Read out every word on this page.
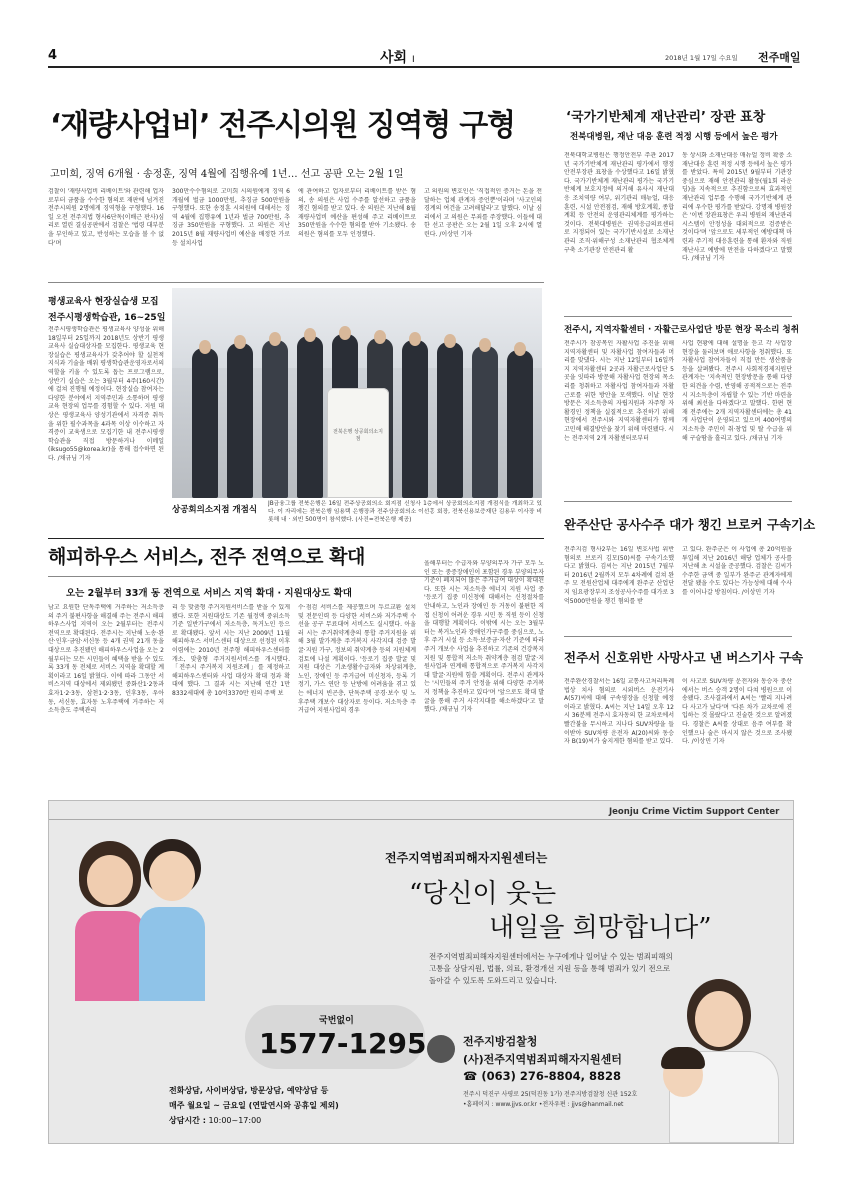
4	사회 I	2018년 1월 17일 수요일 전주매일
‘재량사업비’ 전주시의원 징역형 구형
고미희, 징역 6개월 · 송정훈, 징역 4월에 집행유예 1년… 선고 공판 오는 2월 1일

검찰이 '재량사업비 리베이트'와 관련해 업자로부터 금품을 수수한 혐의로 재판에 넘겨진 전주시의원 2명에게 징역형을 구형했다. 16일 오전 전주지법 형사6단독(이배근 판사)심리로 열린 결심공판에서 검찰은 '법령 대부분을 부인하고 있고, 반성하는 모습을 볼 수 없다'며

300만수수혐의로 고미희 시의원에게 징역 6개월에 벌금 1000만원, 추징금 500만원을 구형했다. 또한 송정훈 시의원에 대해서는 징역 4월에 집행유예 1년과 벌금 700만원, 추징금 350만원을 구형했다. 고 의원은 지난 2015년 8월 재량사업비 예산을 배정한 가로등 설치사업

에 관여하고 업자로부터 리베이트를 받은 혐의, 송 의원은 사업 수주를 알선하고 금품을 챙긴 혐의를 받고 있다. 송 의원은 지난해 8월 재량사업비 예산을 편성해 주고 리베이트로 350만원을 수수한 혐의를 받아 기소됐다. 송 의원은 혐의를 모두 인정했다.

고 의원의 변호인은 '직접적인 증거는 돈을 전달하는 업체 관계자 증언뿐'이라며 '사고인의 경계의 여건을 고려해달라'고 말했다. 이날 심리에서 고 의원은 무죄를 주장했다. 이들에 대한 선고 공판은 오는 2월 1일 오후 2시에 열린다. /이상민 기자

평생교육사 현장실습생 모집
전주시평생학습관, 16~25일

전주시평생학습관은 평생교육사 양성을 위해 18일부터 25일까지 2018년도 상반기 평생교육사 실습대상자를 모집한다. 평생교육 현장실습은 평생교육사가 갖추어야 할 실천적 지식과 기술을 배워 평생학습관운영자로서의 역할을 키울 수 있도록 돕는 프로그램으로, 상반기 실습은 오는 3월부터 4주(160시간)에 걸쳐 진행될 예정이다. 현장실습 참여자는 다양한 분야에서 지역주민과 소통하며 평생교육 현장의 업무를 경험할 수 있다. 지원 대상은 평생교육사 양성기관에서 자격증 취득을 위한 필수과목을 4과목 이상 이수하고 자격증이 교육생으로 모집기한 내 전주시평생학습관을 직접 방문하거나 이메일(iksugo55@korea.kr)을 통해 접수하면 된다. /채규님 기자

전북은행 상공회의소지점
상공회의소지점 개점식

JB금융그룹 전북은행은 16일 전주상공회의소 회지점 신청사 1층에서 상공회의소지점 개점식을 개최하고 있다. 이 자리에는 전북은행 임용택 은행장과 전주상공회의소 이선홍 회장, 전북신용보증재단 김용무 이사장 비롯해 내 · 외빈 500명이 참석했다. (사진=전북은행 제공)

해피하우스 서비스, 전주 전역으로 확대
오는 2월부터 33개 동 전역으로 서비스 지역 확대 · 지원대상도 확대

남고 요원한 단독주택에 거주하는 저소득층의 주거 불편사항을 해결해 주는 전주시 해피하우스사업 지역이 오는 2월부터는 전주시 전역으로 확대된다. 전주시는 지난해 노송·완산·인후·금암·서신동 등 4개 권역 21개 동을 대상으로 추진됐던 해피하우스사업을 오는 2월부터는 모든 시민들이 혜택을 받을 수 있도록 33개 동 전체로 서비스 지역을 확대할 계획이라고 16일 밝혔다. 이에 따라 그동안 서비스지역 대상에서 제외됐던 중화산1·2동과 효자1·2·3동, 삼천1·2·3동, 인후3동, 우아동, 서신동, 효자동 노후주택에 거주하는 저소득층도 주택관리

리 등 맞춤형 주거지원서비스를 받을 수 있게 됐다. 또한 지원대상도 기존 월정액 중위소득 기준 일반가구에서 저소득층, 독거노인 등으로 확대됐다. 앞서 시는 지난 2009년 11월 해피하우스 서비스센터 대상으로 선정된 이후 이렴에는 2010년 전주형 해피하우스센터를 개소, 맞춤형 주거지원서비스를 개시했다. 「전주시 주거복지 지원조례」를 제정하고 해피하우스센터와 사업 대상자 확대 정과 확대에 했다. 그 결과 시는 지난해 연간 1만 8332세대에 총 10억3370만 원의 주택 보

수·점검 서비스를 제공했으며 두르교환 설치 및 전문인력 등 다양한 서비스와 저가주택 수선을 공구 무료대여 서비스도 실시했다. 아울러 시는 주거취약계층의 통합 주거지원을 위해 3월 발가계층 주거복지 사각지대 검증 발굴·지원 가구, 정보의 취약계층 등의 지원체계 검토에 나설 계획이다. '등로기 집중 발굴 및 지원 대상은 기초생활수급자와 차상위계층, 노인, 장애인 등 주거급여 미신청자, 등록 기 정기, 가스 연탄 등 난방에 어려움을 겪고 있는 에너지 빈곤층, 단독주택 공경·보수 및 노후주택 개보수 대상자로 등이다. 저소득층 주거급여 지원사업의 경우

올해부터는 수급자와 부양의무자 가구 모두 노인 또는 중증장애인이 포함된 경우 부양의무자 기준이 폐지되어 많은 주거급여 대상이 확대된다. 또한 시는 저소득층 에너지 지원 사업 중 '등로기 집중 미신청에 대해서는 신청절차를 안내하고, 노인과 장애인 등 거동이 불편한 직접 신청이 어려운 경우 시민 동 직원 등이 신청을 대행할 계획이다. 이밖에 시는 오는 3월부터는 복거노인과 장애인가구주를 중심으로, 노후 주거 시설 등 소득·보증금·자산 기준에 따라 주거 개보수 사업을 추진하고 기존의 건강복지지원 및 통합적 저소득 취약계층 점검 발굴·지원사업과 연계해 통합적으로 주거복지 사각지대 발굴·지원에 힘쓸 계획이다. 전주시 관계자는 '시민들의 주거 안정을 위해 다양한 주거복지 정책을 추진하고 있다'며 '앞으로도 확대 발굴을 통해 주거 사각지대를 해소하겠다'고 말했다. /채규님 기자

‘국가기반체계 재난관리’ 장관 표창
전북대병원, 재난 대응 훈련 적정 시행 등에서 높은 평가

전북대학교병원은 행정안전부 주관 2017년 국가기반체계 재난관리 평가에서 행정안전부장관 표창을 수상했다고 16일 밝혔다. 국가기반체계 재난관리 평가는 국가기반체계 보호지정에 의거해 유사시 재난대응 조치역량 여부, 위기관리 매뉴얼, 대응훈련, 시설 안전점검, 재해 방호계획, 종합계획 등 안전의 운영관리체계를 평가하는 것이다. 전북대병원은 권역응급의료센터로 지정되어 있는 국가기반시설로 소재난관리 조직·위해구성 소재난관리 협조체계 구축 소기관장 안전관리 활

동 상시화 소재난대응 매뉴얼 정비 확충 소재난대응 훈련 적정 시행 등에서 높은 평가를 받았다. 특히 2015년 9월부터 기관장 중심으로 재해 안전관리 활동(월1회 라운딩)을 지속적으로 추진함으로써 효과적인 재난관리 업무를 수행해 국가기반체계 관리에 우수한 평가를 받았다. 강명재 병원장은 '이번 장관표창은 우리 병원의 재난관리시스템이 안정성을 대외적으로 검증받은 것이다'며 '앞으로도 세부적인 예방대책 마련과 주기적 대응훈련을 통해 환자와 직원 재난사고 예방에 만전을 다하겠다'고 말했다. /채규님 기자

전주시, 지역자활센터 · 자활근로사업단 방문 현장 목소리 청취

전주시가 참공목인 자활사업 추진을 위해 지역자활센터 및 자활사업 참여자들과 머리를 맞댔다. 시는 지난 12일부터 16일까지 지역자활센터 2곳과 자활근로사업단 5곳을 잇따라 방문해 자활사업 현장의 목소리를 청취하고 자활사업 참여자들과 자활근로를 위한 방안을 모색했다. 이날 현장 방문은 지소득층의 자립지원과 자주형 자활경인 정책을 실질적으로 추진하기 위해 현장에서 전주시와 지역자활센터가 함께 고민해 해결방안을 찾기 위해 마련됐다. 시는 전주지역 2개 자활센터로부터

사업 현황에 대해 설명을 듣고 각 사업장 현장을 둘러보며 애로사항을 청취했다. 또 자활사업 참여자들이 직접 만든 생산품을 등을 살펴봤다. 전주시 사회적경제지원단 관계자는 '지속적인 현장방문을 통해 다양한 의견을 수렴, 반영해 공적적으로는 전주시 지소득층이 자립할 수 있는 기반 마련을 위해 최선을 다하겠다'고 말했다. 한편 현재 전주에는 2개 지역자활센터에는 총 41개 사업단이 운영되고 있으며 400여명의 지소득층 주민이 취·창업 및 탈 수급을 위해 구슬땀을 흘리고 있다. /채규님 기자

완주산단 공사수주 대가 챙긴 브로커 구속기소

전주지검 형사2부는 16일 변호사법 위반혐의로 브로커 김모(50)씨를 구속기소했다고 밝혔다. 김씨는 지난 2015년 7월부터 2016년 2월까지 모두 4차례에 걸쳐 완주 모 전원산업체 대주에게 완주군 산업단지 임요광장부지 조성공사수주를 대가로 3억5000만원을 챙긴 혐의를 받

고 있다. 완주군은 이 사업에 총 20억원을 투입해 지난 2016년 해당 업체가 공사를 지난해 초 시설을 준공했다. 검찰은 김씨가 수주한 금액 중 일부가 완주군 관계자에게 전달 됐을 수도 있다는 가능성에 대해 수사를 이어나갈 방침이다. /이상민 기자

전주서 신호위반 사망사고 낸 버스기사 구속

전주완산경찰서는 16일 교통사고처리특례법상 치사 혐의로 시외버스 운전기사 A(57)씨에 대해 구속영장을 신청할 예정이라고 밝혔다. A씨는 지난 14일 오후 12시 36분께 전주시 효자동의 한 교차로에서 빨간불을 무시하고 지나다 SUV차량을 들이받아 SUV차량 운전자 A(20)씨와 동승자 B(19)씨가 숨지게한 혐의를 받고 있다.

이 사고로 SUV차량 운전자와 동승자 중산에서는 버스 승객 2명이 다쳐 병원으로 이송됐다. 조사결과에서 A씨는 '빨리 지나려다 사고가 났다'며 '다른 차가 교차로에 진입하는 것 몰랐다'고 진술한 것으로 알려졌다. 경찰은 A씨를 상대로 음주 여부를 확인했으나 술은 마시지 않은 것으로 조사됐다. /이상민 기자

Jeonju Crime Victim Support Center
전주지역범죄피해자지원센터는
“당신이 웃는
내일을 희망합니다”
전주지역범죄피해자지원센터에서는 누구에게나 일어날 수 있는 범죄피해의
고통을 상담지원, 법률, 의료, 환경개선 지원 등을 통해 범죄가 있기 전으로
돌아갈 수 있도록 도와드리고 있습니다.
국번없이
1577-1295
전화상담, 사이버상담, 방문상담, 예약상담 등
매주 월요일 ~ 금요일 (연말연시와 공휴일 제외)
상담시간 : 10:00~17:00
전주지방검찰청
(사)전주지역범죄피해자지원센터
☎ (063) 276-8804, 8828
전주시 덕진구 사평로 25(덕진동 1가) 전주지방검찰청 신관 152호
•홈페이지 : www.jjvs.or.kr •전자우편 : jjvs@hanmail.net
